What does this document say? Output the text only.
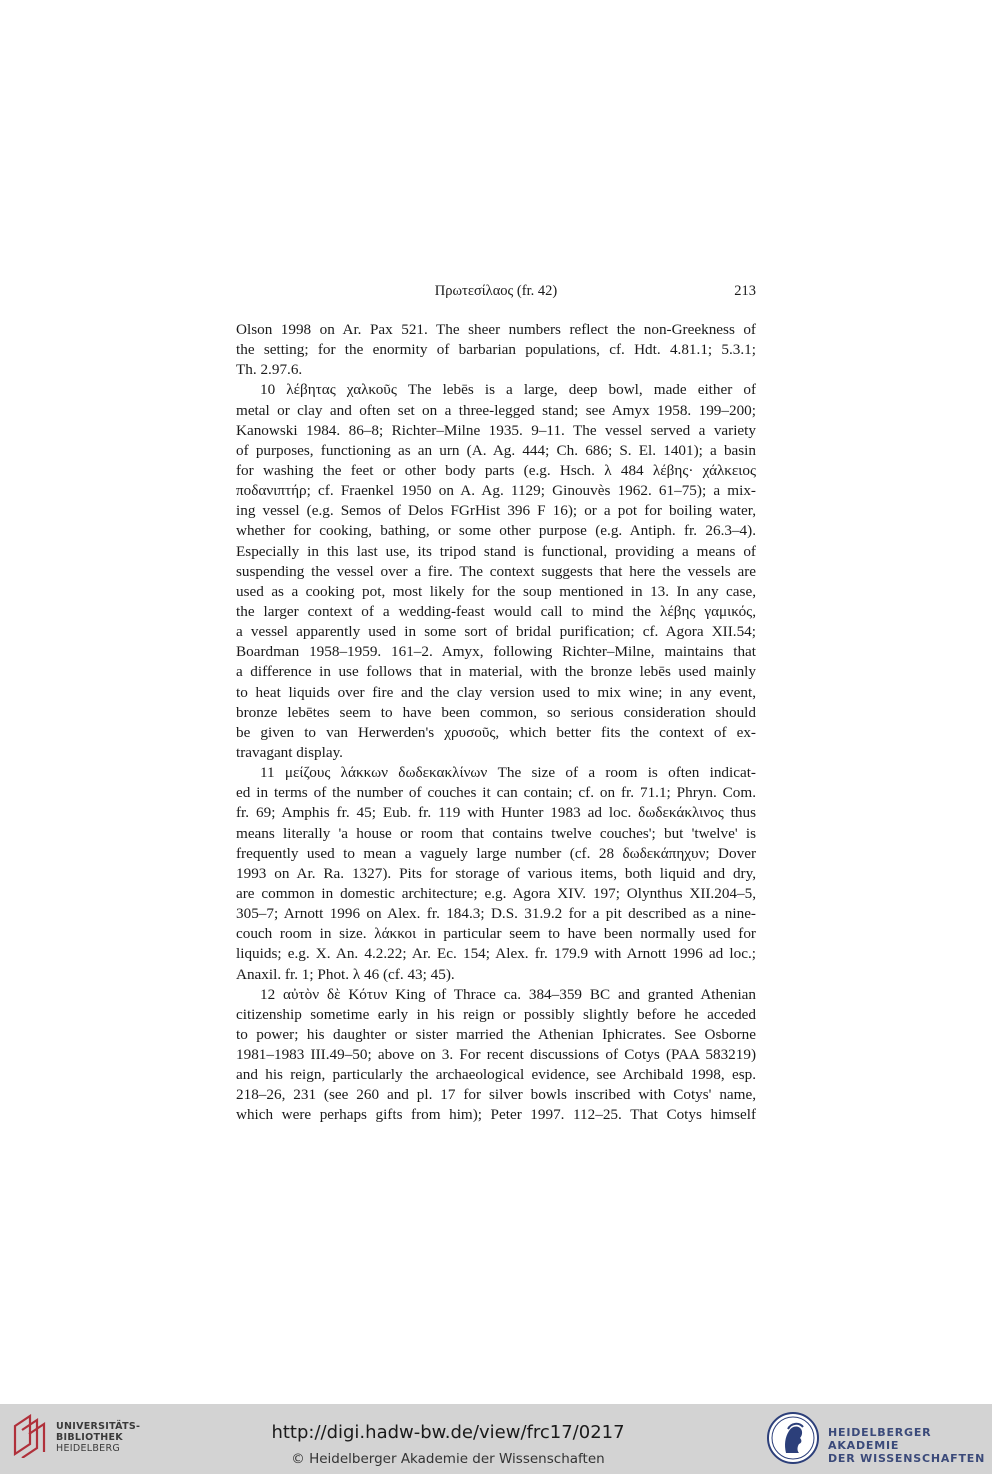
Πρωτεσίλαος (fr. 42)	213
Olson 1998 on Ar. Pax 521. The sheer numbers reflect the non-Greekness of
the setting; for the enormity of barbarian populations, cf. Hdt. 4.81.1; 5.3.1;
Th. 2.97.6.
10 λέβητας χαλκοῦς The lebēs is a large, deep bowl, made either of
metal or clay and often set on a three-legged stand; see Amyx 1958. 199–200;
Kanowski 1984. 86–8; Richter–Milne 1935. 9–11. The vessel served a variety
of purposes, functioning as an urn (A. Ag. 444; Ch. 686; S. El. 1401); a basin
for washing the feet or other body parts (e.g. Hsch. λ 484 λέβης· χάλκειος
ποδανιπτήρ; cf. Fraenkel 1950 on A. Ag. 1129; Ginouvès 1962. 61–75); a mix-
ing vessel (e.g. Semos of Delos FGrHist 396 F 16); or a pot for boiling water,
whether for cooking, bathing, or some other purpose (e.g. Antiph. fr. 26.3–4).
Especially in this last use, its tripod stand is functional, providing a means of
suspending the vessel over a fire. The context suggests that here the vessels are
used as a cooking pot, most likely for the soup mentioned in 13. In any case,
the larger context of a wedding-feast would call to mind the λέβης γαμικός,
a vessel apparently used in some sort of bridal purification; cf. Agora XII.54;
Boardman 1958–1959. 161–2. Amyx, following Richter–Milne, maintains that
a difference in use follows that in material, with the bronze lebēs used mainly
to heat liquids over fire and the clay version used to mix wine; in any event,
bronze lebētes seem to have been common, so serious consideration should
be given to van Herwerden's χρυσοῦς, which better fits the context of ex-
travagant display.
11 μείζους λάκκων δωδεκακλίνων The size of a room is often indicat-
ed in terms of the number of couches it can contain; cf. on fr. 71.1; Phryn. Com.
fr. 69; Amphis fr. 45; Eub. fr. 119 with Hunter 1983 ad loc. δωδεκάκλινος thus
means literally 'a house or room that contains twelve couches'; but 'twelve' is
frequently used to mean a vaguely large number (cf. 28 δωδεκάπηχυν; Dover
1993 on Ar. Ra. 1327). Pits for storage of various items, both liquid and dry,
are common in domestic architecture; e.g. Agora XIV. 197; Olynthus XII.204–5,
305–7; Arnott 1996 on Alex. fr. 184.3; D.S. 31.9.2 for a pit described as a nine-
couch room in size. λάκκοι in particular seem to have been normally used for
liquids; e.g. X. An. 4.2.22; Ar. Ec. 154; Alex. fr. 179.9 with Arnott 1996 ad loc.;
Anaxil. fr. 1; Phot. λ 46 (cf. 43; 45).
12 αὐτὸν δὲ Κότυν King of Thrace ca. 384–359 BC and granted Athenian
citizenship sometime early in his reign or possibly slightly before he acceded
to power; his daughter or sister married the Athenian Iphicrates. See Osborne
1981–1983 III.49–50; above on 3. For recent discussions of Cotys (PAA 583219)
and his reign, particularly the archaeological evidence, see Archibald 1998, esp.
218–26, 231 (see 260 and pl. 17 for silver bowls inscribed with Cotys' name,
which were perhaps gifts from him); Peter 1997. 112–25. That Cotys himself
UNIVERSITÄTS-
BIBLIOTHEK
HEIDELBERG
http://digi.hadw-bw.de/view/frc17/0217
© Heidelberger Akademie der Wissenschaften
HEIDELBERGER AKADEMIE
DER WISSENSCHAFTEN
